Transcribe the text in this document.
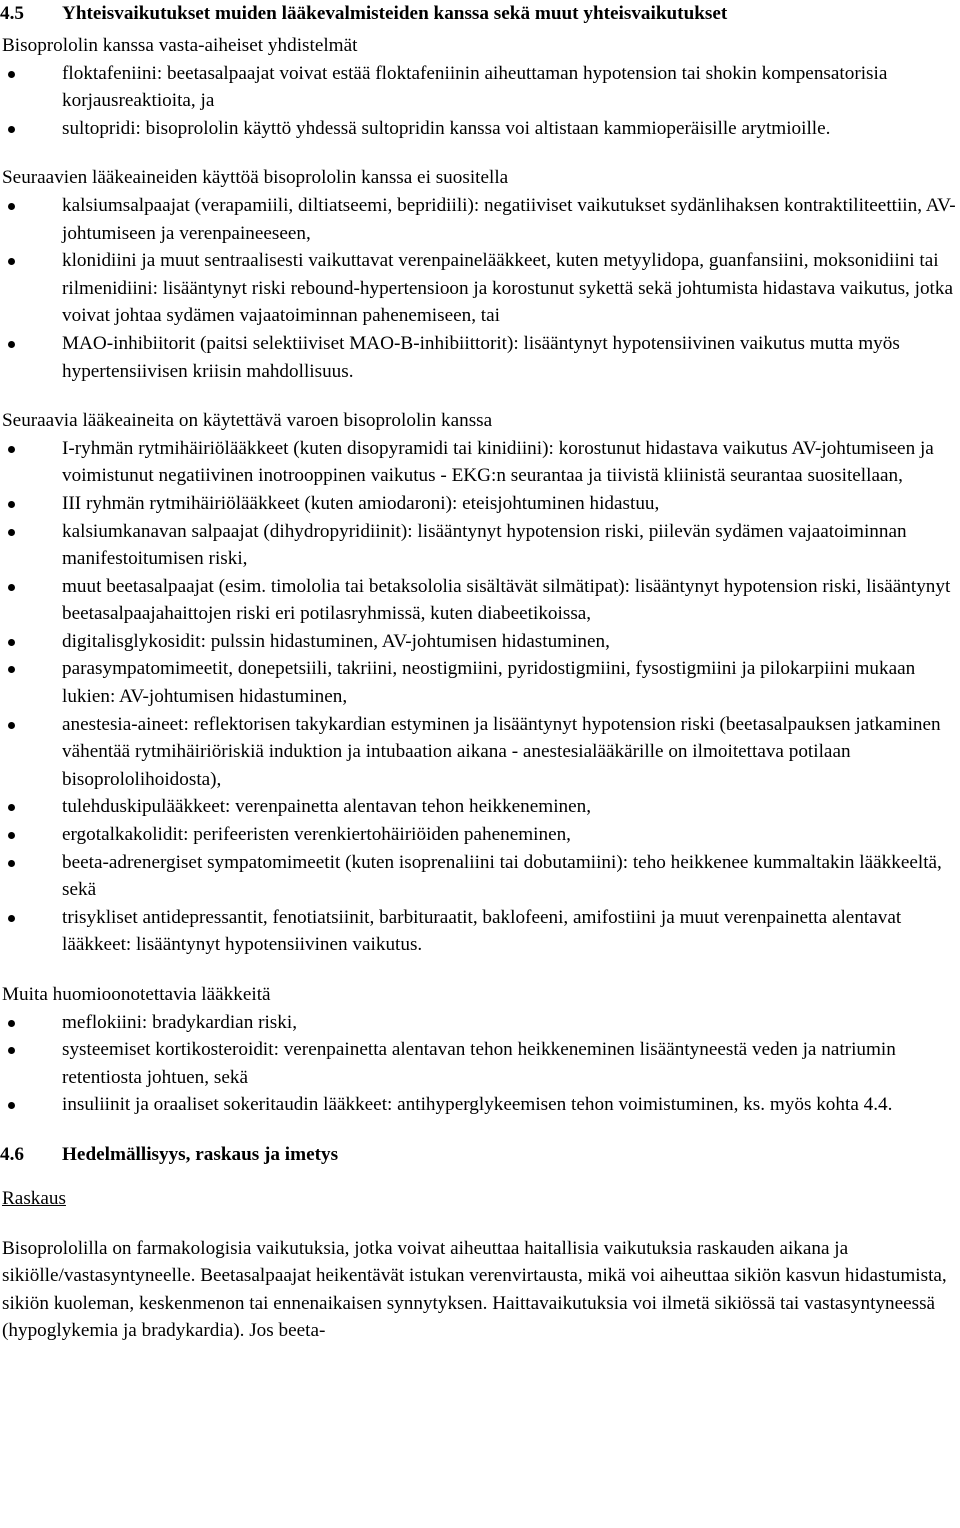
4.5 Yhteisvaikutukset muiden lääkevalmisteiden kanssa sekä muut yhteisvaikutukset

Bisoprololin kanssa vasta-aiheiset yhdistelmät

floktafeniini: beetasalpaajat voivat estää floktafeniinin aiheuttaman hypotension tai shokin kompensatorisia korjausreaktioita, ja
sultopridi: bisoprololin käyttö yhdessä sultopridin kanssa voi altistaan kammioperäisille arytmioille.

Seuraavien lääkeaineiden käyttöä bisoprololin kanssa ei suositella

kalsiumsalpaajat (verapamiili, diltiatseemi, bepridiili): negatiiviset vaikutukset sydänlihaksen kontraktiliteettiin, AV-johtumiseen ja verenpaineeseen,
klonidiini ja muut sentraalisesti vaikuttavat verenpainelääkkeet, kuten metyylidopa, guanfansiini, moksonidiini tai rilmenidiini: lisääntynyt riski rebound-hypertensioon ja korostunut sykettä sekä johtumista hidastava vaikutus, jotka voivat johtaa sydämen vajaatoiminnan pahenemiseen, tai
MAO-inhibiitorit (paitsi selektiiviset MAO-B-inhibiittorit): lisääntynyt hypotensiivinen vaikutus mutta myös hypertensiivisen kriisin mahdollisuus.

Seuraavia lääkeaineita on käytettävä varoen bisoprololin kanssa

I-ryhmän rytmihäiriölääkkeet (kuten disopyramidi tai kinidiini): korostunut hidastava vaikutus AV-johtumiseen ja voimistunut negatiivinen inotrooppinen vaikutus - EKG:n seurantaa ja tiivistä kliinistä seurantaa suositellaan,
III ryhmän rytmihäiriölääkkeet (kuten amiodaroni): eteisjohtuminen hidastuu,
kalsiumkanavan salpaajat (dihydropyridiinit): lisääntynyt hypotension riski, piilevän sydämen vajaatoiminnan manifestoitumisen riski,
muut beetasalpaajat (esim. timololia tai betaksololia sisältävät silmätipat): lisääntynyt hypotension riski, lisääntynyt beetasalpaajahaittojen riski eri potilasryhmissä, kuten diabeetikoissa,
digitalisglykosidit: pulssin hidastuminen, AV-johtumisen hidastuminen,
parasympatomimeetit, donepetsiili, takriini, neostigmiini, pyridostigmiini, fysostigmiini ja pilokarpiini mukaan lukien: AV-johtumisen hidastuminen,
anestesia-aineet: reflektorisen takykardian estyminen ja lisääntynyt hypotension riski (beetasalpauksen jatkaminen vähentää rytmihäiriöriskiä induktion ja intubaation aikana - anestesialääkärille on ilmoitettava potilaan bisoprololihoidosta),
tulehduskipulääkkeet: verenpainetta alentavan tehon heikkeneminen,
ergotalkakolidit: perifeeristen verenkiertohäiriöiden paheneminen,
beeta-adrenergiset sympatomimeetit (kuten isoprenaliini tai dobutamiini): teho heikkenee kummaltakin lääkkeeltä, sekä
trisykliset antidepressantit, fenotiatsiinit, barbituraatit, baklofeeni, amifostiini ja muut verenpainetta alentavat lääkkeet: lisääntynyt hypotensiivinen vaikutus.

Muita huomioonotettavia lääkkeitä

meflokiini: bradykardian riski,
systeemiset kortikosteroidit: verenpainetta alentavan tehon heikkeneminen lisääntyneestä veden ja natriumin retentiosta johtuen, sekä
insuliinit ja oraaliset sokeritaudin lääkkeet: antihyperglykeemisen tehon voimistuminen, ks. myös kohta 4.4.
4.6 Hedelmällisyys, raskaus ja imetys

Raskaus

Bisoprololilla on farmakologisia vaikutuksia, jotka voivat aiheuttaa haitallisia vaikutuksia raskauden aikana ja sikiölle/vastasyntyneelle. Beetasalpaajat heikentävät istukan verenvirtausta, mikä voi aiheuttaa sikiön kasvun hidastumista, sikiön kuoleman, keskenmenon tai ennenaikaisen synnytyksen. Haittavaikutuksia voi ilmetä sikiössä tai vastasyntyneessä (hypoglykemia ja bradykardia). Jos beeta-
